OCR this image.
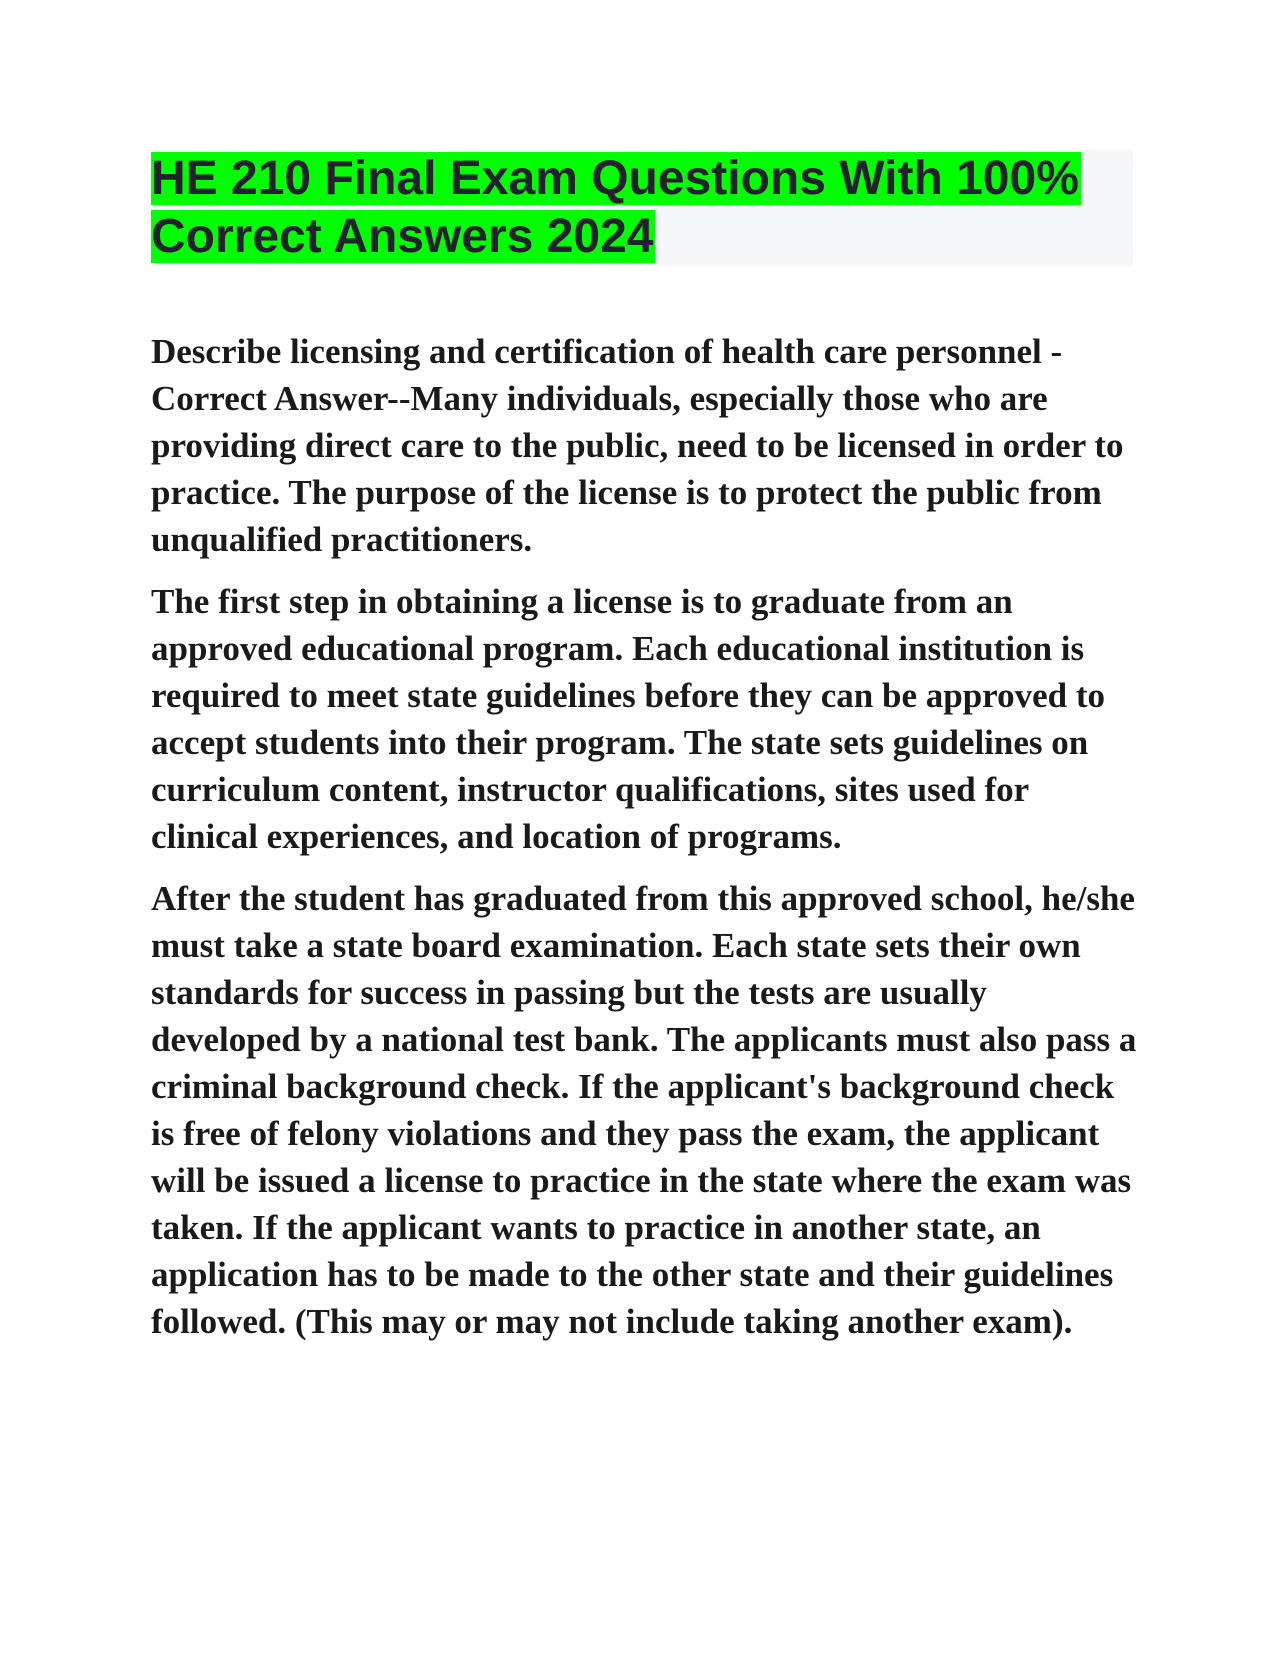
HE 210 Final Exam Questions With 100%
Correct Answers 2024

Describe licensing and certification of health care personnel - Correct Answer--Many individuals, especially those who are providing direct care to the public, need to be licensed in order to practice. The purpose of the license is to protect the public from unqualified practitioners.

The first step in obtaining a license is to graduate from an approved educational program. Each educational institution is required to meet state guidelines before they can be approved to accept students into their program. The state sets guidelines on curriculum content, instructor qualifications, sites used for clinical experiences, and location of programs.

After the student has graduated from this approved school, he/she must take a state board examination. Each state sets their own standards for success in passing but the tests are usually developed by a national test bank. The applicants must also pass a criminal background check. If the applicant's background check is free of felony violations and they pass the exam, the applicant will be issued a license to practice in the state where the exam was taken. If the applicant wants to practice in another state, an application has to be made to the other state and their guidelines followed. (This may or may not include taking another exam).
